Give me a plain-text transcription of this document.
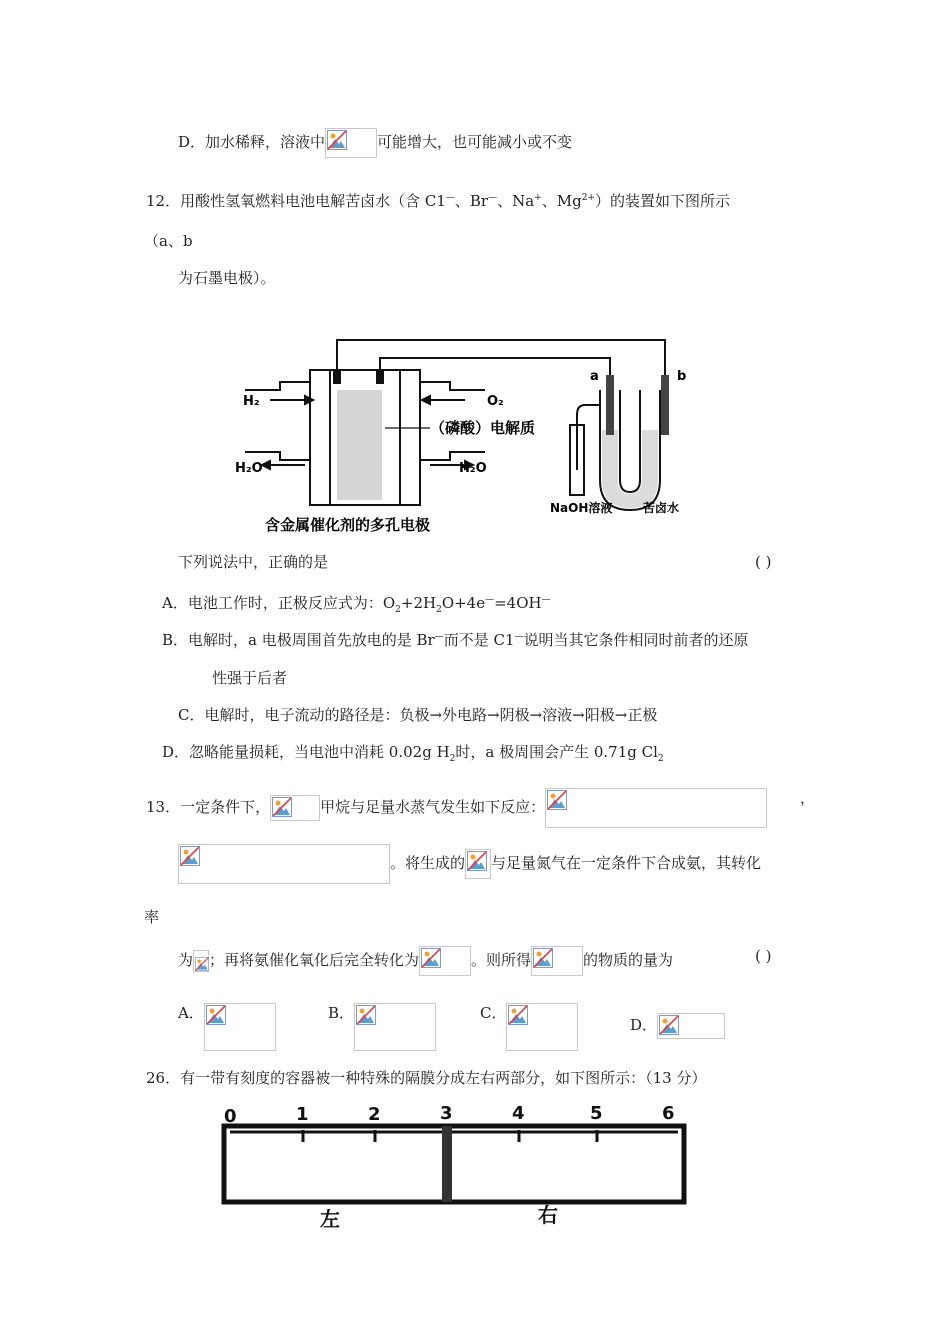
D．加水稀释，溶液中	可能增大，也可能减小或不变
12．用酸性氢氧燃料电池电解苦卤水（含 C1—、Br—、Na+、$Mg^{2+}$）的装置如下图所示
（a、b
为石墨电极）。
H₂	O₂
H₂O	H₂O
（磷酸）电解质
含金属催化剂的多孔电极
a	b
NaOH溶液	苦卤水
下列说法中，正确的是	( )
A．电池工作时，正极反应式为：$O_2+2H_2O+4e^—=4OH^—$
B．电解时，a 电极周围首先放电的是 Br—而不是 C1—说明当其它条件相同时前者的还原
性强于后者
C．电解时，电子流动的路径是：负极→外电路→阴极→溶液→阳极→正极
D．忽略能量损耗，当电池中消耗 0.02g $H_2$时，a 极周围会产生 0.71g $Cl_2$
13．一定条件下，	甲烷与足量水蒸气发生如下反应：	，
。将生成的 与足量氮气在一定条件下合成氨，其转化
率
为 ；再将氨催化氧化后完全转化为	。则所得	的物质的量为	( )
A．	B．	C．
D．
26．有一带有刻度的容器被一种特殊的隔膜分成左右两部分，如下图所示：（13 分）
0	1	2	3	4	5	6
左	右
